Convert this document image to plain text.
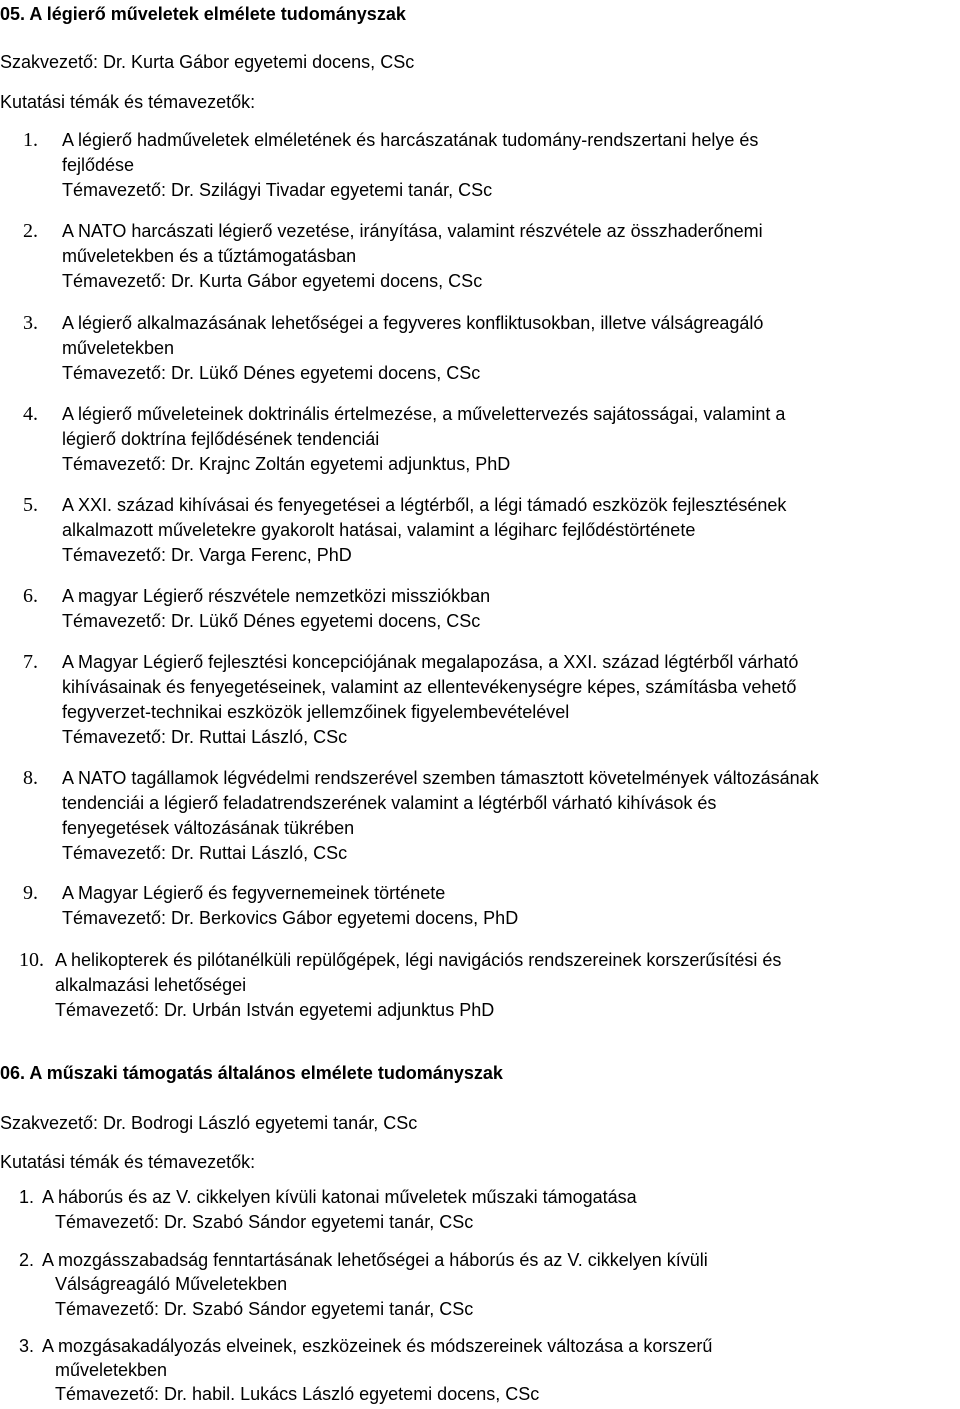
05. A légierő műveletek elmélete tudományszak
Szakvezető: Dr. Kurta Gábor egyetemi docens, CSc
Kutatási témák és témavezetők:
1. A légierő hadműveletek elméletének és harcászatának tudomány-rendszertani helye és
fejlődése
Témavezető: Dr. Szilágyi Tivadar egyetemi tanár, CSc
2. A NATO harcászati légierő vezetése, irányítása, valamint részvétele az összhaderőnemi
műveletekben és a tűztámogatásban
Témavezető: Dr. Kurta Gábor egyetemi docens, CSc
3. A légierő alkalmazásának lehetőségei a fegyveres konfliktusokban, illetve válságreagáló
műveletekben
Témavezető: Dr. Lükő Dénes egyetemi docens, CSc
4. A légierő műveleteinek doktrinális értelmezése, a művelettervezés sajátosságai, valamint a
légierő doktrína fejlődésének tendenciái
Témavezető: Dr. Krajnc Zoltán egyetemi adjunktus, PhD
5. A XXI. század kihívásai és fenyegetései a légtérből, a légi támadó eszközök fejlesztésének
alkalmazott műveletekre gyakorolt hatásai, valamint a légiharc fejlődéstörténete
Témavezető: Dr. Varga Ferenc, PhD
6. A magyar Légierő részvétele nemzetközi missziókban
Témavezető: Dr. Lükő Dénes egyetemi docens, CSc
7. A Magyar Légierő fejlesztési koncepciójának megalapozása, a XXI. század légtérből várható
kihívásainak és fenyegetéseinek, valamint az ellentevékenységre képes, számításba vehető
fegyverzet-technikai eszközök jellemzőinek figyelembevételével
Témavezető: Dr. Ruttai László, CSc
8. A NATO tagállamok légvédelmi rendszerével szemben támasztott követelmények változásának
tendenciái a légierő feladatrendszerének valamint a légtérből várható kihívások és
fenyegetések változásának tükrében
Témavezető: Dr. Ruttai László, CSc
9. A Magyar Légierő és fegyvernemeinek története
Témavezető: Dr. Berkovics Gábor egyetemi docens, PhD
10. A helikopterek és pilótanélküli repülőgépek, légi navigációs rendszereinek korszerűsítési és
alkalmazási lehetőségei
Témavezető: Dr. Urbán István egyetemi adjunktus PhD
06. A műszaki támogatás általános elmélete tudományszak
Szakvezető: Dr. Bodrogi László egyetemi tanár, CSc
Kutatási témák és témavezetők:
1. A háborús és az V. cikkelyen kívüli katonai műveletek műszaki támogatása
Témavezető: Dr. Szabó Sándor egyetemi tanár, CSc
2. A mozgásszabadság fenntartásának lehetőségei a háborús és az V. cikkelyen kívüli
Válságreagáló Műveletekben
Témavezető: Dr. Szabó Sándor egyetemi tanár, CSc
3. A mozgásakadályozás elveinek, eszközeinek és módszereinek változása a korszerű
műveletekben
Témavezető: Dr. habil. Lukács László egyetemi docens, CSc
